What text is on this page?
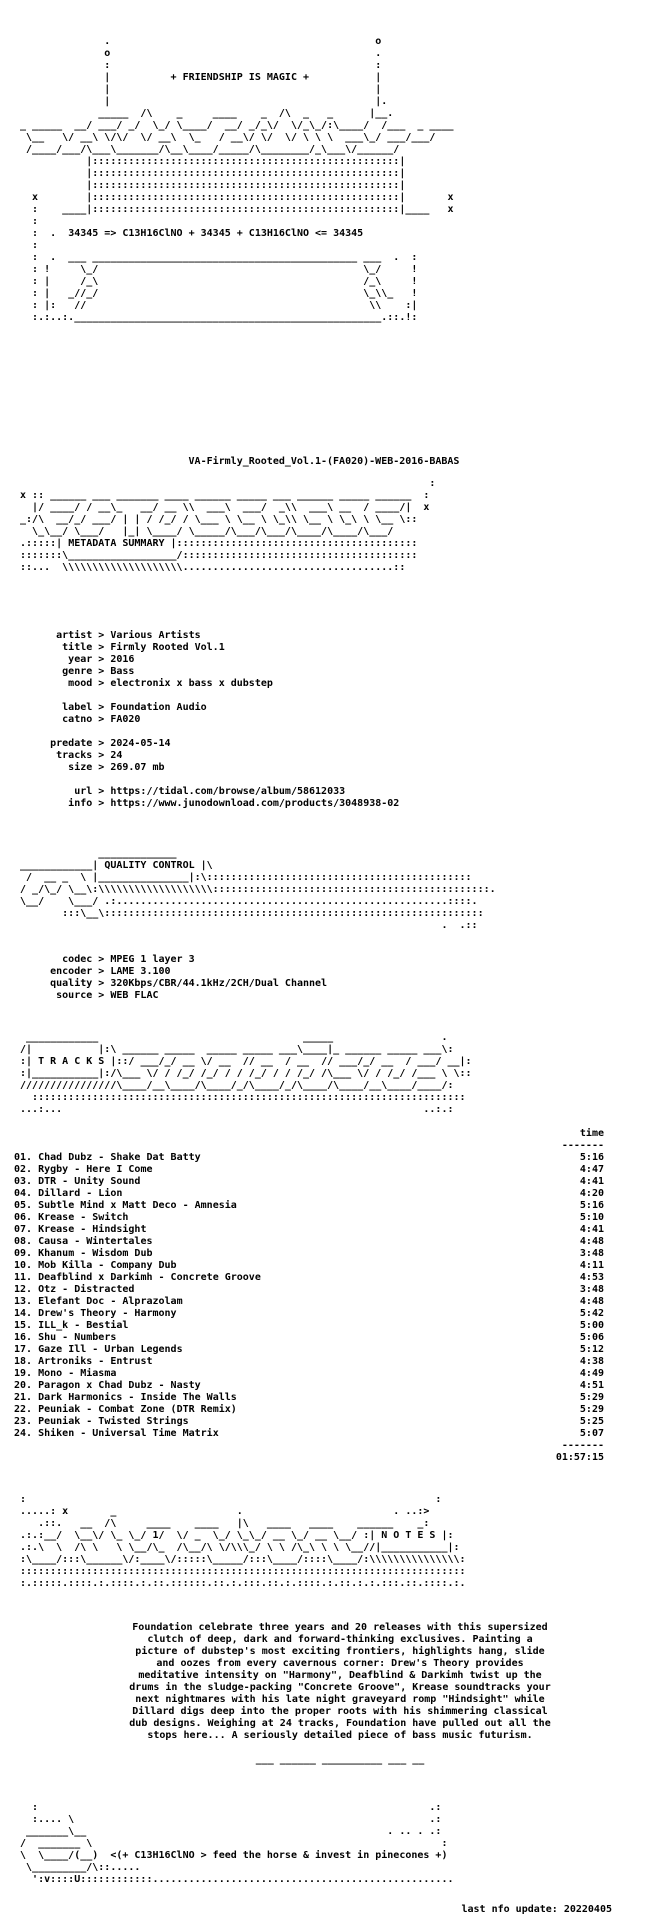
.                                            o
o                                            .
:                                            :
|          + FRIENDSHIP IS MAGIC +           |
|                                            |
|                                            |.
_____  /\    _     ____    _  /\  _   _      |__.
_ _____  __/ ___/ _/  \_/ \____/  __/ _/_\/  \/_\_/:\____/  /___  _ ____
\__   \/ __\ \/\/  \/ __\  \_   / __\/ \/  \/ \ \ \  ___\_/ ___/___/
/____/___/\___\_______/\__\____/_____/\________/_\___\/______/
|:::::::::::::::::::::::::::::::::::::::::::::::::::|
|:::::::::::::::::::::::::::::::::::::::::::::::::::|
|:::::::::::::::::::::::::::::::::::::::::::::::::::|
x        |:::::::::::::::::::::::::::::::::::::::::::::::::::|       x
:    ____|:::::::::::::::::::::::::::::::::::::::::::::::::::|____   x
:
:  .  34345 => C13H16ClNO + 34345 + C13H16ClNO <= 34345
:
:  .  ___ ____________________________________________ ___  .  :
: !     \_/                                            \_/     !
: |     /_\                                            /_\     !
: |   _//_/                                            \_\\_   !
: |:   //                                               \\    :|
:.:..:.___________________________________________________.::.!:
VA-Firmly_Rooted_Vol.1-(FA020)-WEB-2016-BABAS
:
x :: ______ ___ _______ ____ ______ _____ ___ ______ _____ ______  :
|/ ____/ / __\_   __/ __ \\  ___\  ___/  _\\  ___\ __  / ____/|  x
_:/\  __/_/ ___/ | | / /_/ / \___ \ \__ \ \_\\ \__ \ \_\ \ \__ \::
\_\__/ \___/   |_| \____/ \_____/\___/\___/\____/\____/\___/
.:::::| METADATA SUMMARY |::::::::::::::::::::::::::::::::::::::::
:::::::\__________________/:::::::::::::::::::::::::::::::::::::::
::...  \\\\\\\\\\\\\\\\\\\\...................................::
artist > Various Artists
title > Firmly Rooted Vol.1
year > 2016
genre > Bass
mood > electronix x bass x dubstep

label > Foundation Audio
catno > FA020

predate > 2024-05-14
tracks > 24
size > 269.07 mb

url > https://tidal.com/browse/album/58612033
info > https://www.junodownload.com/products/3048938-02
_____________
____________| QUALITY CONTROL |\
/  __ _  \ |_______________|:\::::::::::::::::::::::::::::::::::::::::::::
/ _/\_/ \__\:\\\\\\\\\\\\\\\\\\\::::::::::::::::::::::::::::::::::::::::::::::.
\__/    \___/ .:.......................................................::::.
:::\__\:::::::::::::::::::::::::::::::::::::::::::::::::::::::::::::::
.  .::
codec > MPEG 1 layer 3
encoder > LAME 3.100
quality > 320Kbps/CBR/44.1kHz/2CH/Dual Channel
source > WEB FLAC
____________                                  _____                  .
/|           |:\ ______ _____  _____ _____ ___\____|_ ______ _____ ___\:
:| T R A C K S |::/ ___/_/ __ \/ __  // __  / __  // ___/_/ __  / ___/ __|:
:|___________|:/\___ \/ / /_/ /_/ / / /_/ / / /_/ /\___ \/ / /_/ /___ \ \::
////////////////\____/__\____/\____/_/\____/_/\____/\____/__\____/____/:
::::::::::::::::::::::::::::::::::::::::::::::::::::::::::::::::::::::::
...:...                                                            ..:.:
time
-------
01. Chad Dubz - Shake Dat Batty	5:16
02. Rygby - Here I Come	4:47
03. DTR - Unity Sound	4:41
04. Dillard - Lion	4:20
05. Subtle Mind x Matt Deco - Amnesia	5:16
06. Krease - Switch	5:10
07. Krease - Hindsight	4:41
08. Causa - Wintertales	4:48
09. Khanum - Wisdom Dub	3:48
10. Mob Killa - Company Dub	4:11
11. Deafblind x Darkimh - Concrete Groove	4:53
12. Otz - Distracted	3:48
13. Elefant Doc - Alprazolam	4:48
14. Drew's Theory - Harmony	5:42
15. ILL_k - Bestial	5:00
16. Shu - Numbers	5:06
17. Gaze Ill - Urban Legends	5:12
18. Artroniks - Entrust	4:38
19. Mono - Miasma	4:49
20. Paragon x Chad Dubz - Nasty	4:51
21. Dark Harmonics - Inside The Walls	5:29
22. Peuniak - Combat Zone (DTR Remix)	5:29
23. Peuniak - Twisted Strings	5:25
24. Shiken - Universal Time Matrix	5:07
-------
01:57:15
:                                                                    :
.....: x       _                    .                         . ..:>
.::.   __  /\     ____    ____   |\   ____   ____    ______    _:
.:.:__/  \__\/ \_ \_/ 1/  \/ _  \_/ \_\_/ __ \_/ __ \__/ :| N O T E S |:
.:.\  \  /\ \   \ \__/\_  /\__/\ \/\\\_/ \ \ /\_\ \ \ \__//|___________|:
:\____/:::\______\/:____\/:::::\_____/:::\____/::::\____/:\\\\\\\\\\\\\\\:
::::::::::::::::::::::::::::::::::::::::::::::::::::::::::::::::::::::::::
:.:::::.::::.:.::::.:.::.::::::.::.:.:::.::.:.::::.:.::.:.:.:::.::.::::.:.
Foundation celebrate three years and 20 releases with this supersized
clutch of deep, dark and forward-thinking exclusives. Painting a
picture of dubstep's most exciting frontiers, highlights hang, slide
and oozes from every cavernous corner: Drew's Theory provides
meditative intensity on "Harmony", Deafblind & Darkimh twist up the
drums in the sludge-packing "Concrete Groove", Krease soundtracks your
next nightmares with his late night graveyard romp "Hindsight" while
Dillard digs deep into the proper roots with his shimmering classical
dub designs. Weighing at 24 tracks, Foundation have pulled out all the
stops here... A seriously detailed piece of bass music futurism.

___ ______ __________ ___ __
:                                                                 .:
:.... \                                                           .:
_______\__                                                  . .. . .:
/  _______ \                                                          :
\  \____/(__)  <(+ C13H16ClNO > feed the horse & invest in pinecones +)
\_________/\::.....
':v::::U::::::::::::..................................................
last nfo update: 20220405
